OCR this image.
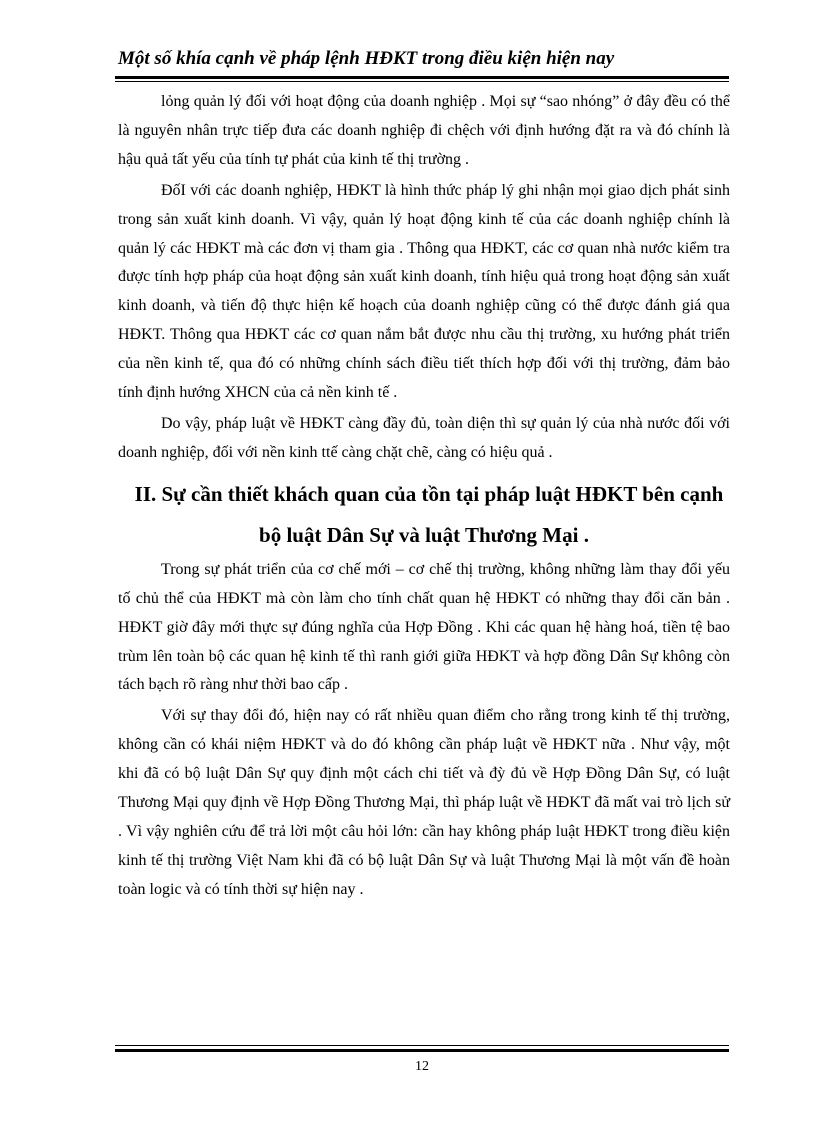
Một số khía cạnh về pháp lệnh HĐKT trong điều kiện hiện nay

lỏng quản lý đối với hoạt động của doanh nghiệp . Mọi sự “sao nhóng” ở đây đều có thể là nguyên nhân trực tiếp đưa các doanh nghiệp đi chệch với định hướng đặt ra và đó chính là hậu quả tất yếu của tính tự phát của kinh tế thị trường .

ĐốI với các doanh nghiệp, HĐKT là hình thức pháp lý ghi nhận mọi giao dịch phát sinh trong sản xuất kinh doanh. Vì vậy, quản lý hoạt động kinh tế của các doanh nghiệp chính là quản lý các HĐKT mà các đơn vị tham gia . Thông qua HĐKT, các cơ quan nhà nước kiểm tra được tính hợp pháp của hoạt động sản xuất kinh doanh, tính hiệu quả trong hoạt động sản xuất kinh doanh, và tiến độ thực hiện kế hoạch của doanh nghiệp cũng có thể được đánh giá qua HĐKT. Thông qua HĐKT các cơ quan nắm bắt được nhu cầu thị trường, xu hướng phát triển của nền kinh tế, qua đó có những chính sách điều tiết thích hợp đối với thị trường, đảm bảo tính định hướng XHCN của cả nền kinh tế .

Do vậy, pháp luật về HĐKT càng đầy đủ, toàn diện thì sự quản lý của nhà nước đối với doanh nghiệp, đối với nền kinh ttế càng chặt chẽ, càng có hiệu quả .

II. Sự cần thiết khách quan của tồn tại pháp luật HĐKT bên cạnh
bộ luật Dân Sự và luật Thương Mại .

Trong sự phát triển của cơ chế mới – cơ chế thị trường, không những làm thay đổi yếu tố chủ thể của HĐKT mà còn làm cho tính chất quan hệ HĐKT có những thay đổi căn bản . HĐKT giờ đây mới thực sự đúng nghĩa của Hợp Đồng . Khi các quan hệ hàng hoá, tiền tệ bao trùm lên toàn bộ các quan hệ kinh tế thì ranh giới giữa HĐKT và hợp đồng Dân Sự không còn tách bạch rõ ràng như thời bao cấp .

Với sự thay đổi đó, hiện nay có rất nhiều quan điểm cho rằng trong kinh tế thị trường, không cần có khái niệm HĐKT và do đó không cần pháp luật về HĐKT nữa . Như vậy, một khi đã có bộ luật Dân Sự quy định một cách chi tiết và đỳ đủ về Hợp Đồng Dân Sự, có luật Thương Mại quy định về Hợp Đồng Thương Mại, thì pháp luật về HĐKT đã mất vai trò lịch sử . Vì vậy nghiên cứu để trả lời một câu hỏi lớn: cần hay không pháp luật HĐKT trong điều kiện kinh tế thị trường Việt Nam khi đã có bộ luật Dân Sự và luật Thương Mại là một vấn đề hoàn toàn logic và có tính thời sự hiện nay .

12
